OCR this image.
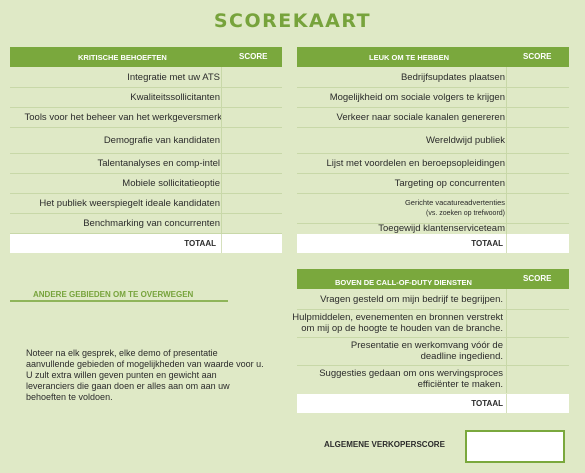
SCOREKAART
KRITISCHE BEHOEFTEN	SCORE
Integratie met uw ATS
Kwaliteitssollicitanten
Tools voor het beheer van het werkgeversmerk
Demografie van kandidaten
Talentanalyses en comp-intel
Mobiele sollicitatieoptie
Het publiek weerspiegelt ideale kandidaten
Benchmarking van concurrenten
TOTAAL
LEUK OM TE HEBBEN	SCORE
Bedrijfsupdates plaatsen
Mogelijkheid om sociale volgers te krijgen
Verkeer naar sociale kanalen genereren
Wereldwijd publiek
Lijst met voordelen en beroepsopleidingen
Targeting op concurrenten
Gerichte vacatureadvertenties
(vs. zoeken op trefwoord)
Toegewijd klantenserviceteam
TOTAAL
ANDERE GEBIEDEN OM TE OVERWEGEN
Noteer na elk gesprek, elke demo of presentatie aanvullende gebieden of mogelijkheden van waarde voor u. U zult extra willen geven punten en gewicht aan leveranciers die gaan doen er alles aan om aan uw behoeften te voldoen.
BOVEN DE CALL-OF-DUTY DIENSTEN	SCORE
Vragen gesteld om mijn bedrijf te begrijpen.
Hulpmiddelen, evenementen en bronnen verstrekt om mij op de hoogte te houden van de branche.
Presentatie en werkomvang vóór de deadline ingediend.
Suggesties gedaan om ons wervingsproces efficiënter te maken.
TOTAAL
ALGEMENE VERKOPERSCORE
